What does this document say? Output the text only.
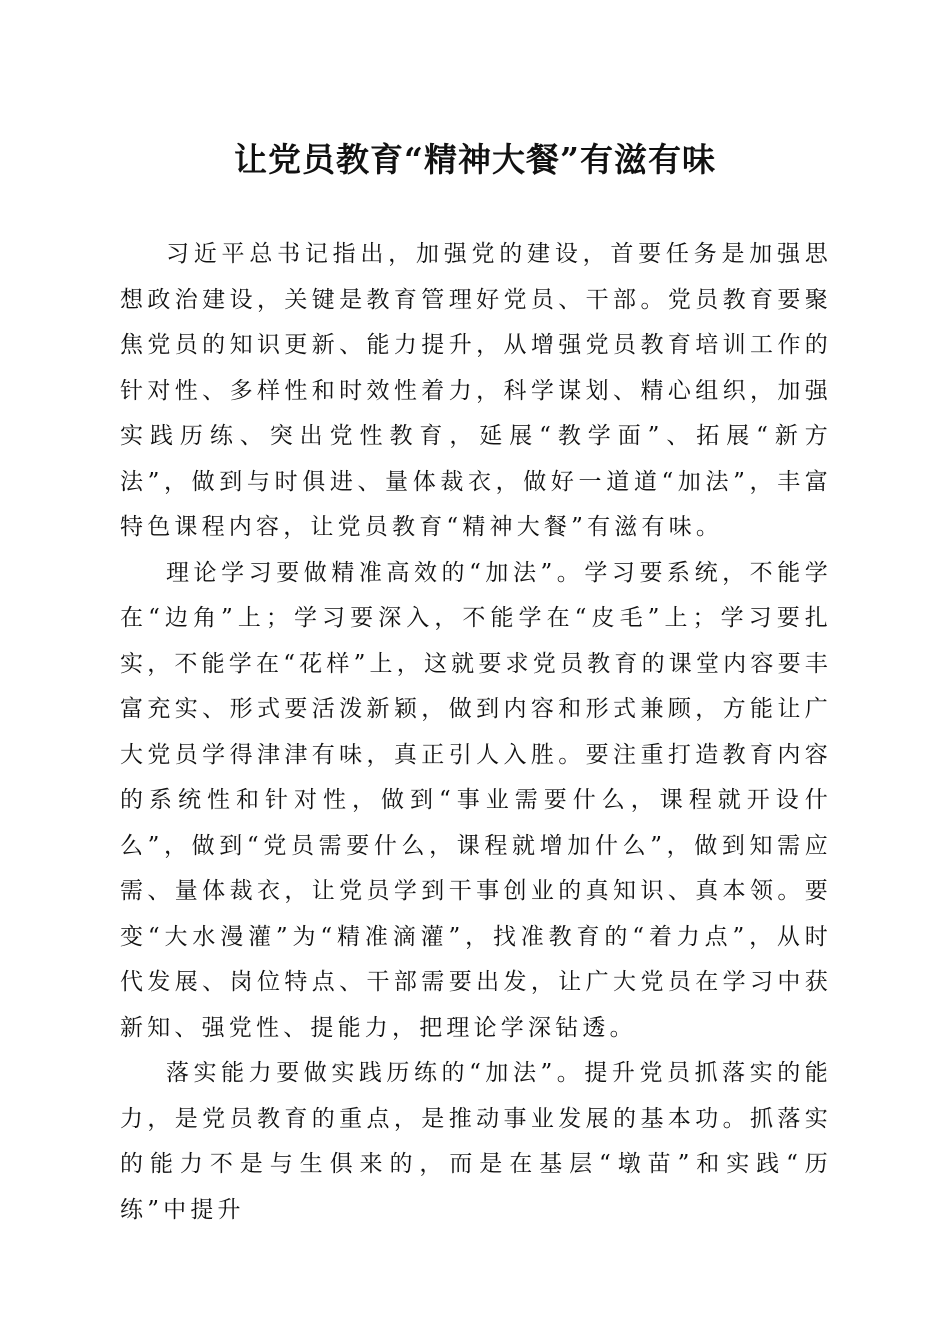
让党员教育“精神大餐”有滋有味

习近平总书记指出，加强党的建设，首要任务是加强思想政治建设，关键是教育管理好党员、干部。党员教育要聚焦党员的知识更新、能力提升，从增强党员教育培训工作的针对性、多样性和时效性着力，科学谋划、精心组织，加强实践历练、突出党性教育，延展“教学面”、拓展“新方法”，做到与时俱进、量体裁衣，做好一道道“加法”，丰富特色课程内容，让党员教育“精神大餐”有滋有味。

理论学习要做精准高效的“加法”。学习要系统，不能学在“边角”上；学习要深入，不能学在“皮毛”上；学习要扎实，不能学在“花样”上，这就要求党员教育的课堂内容要丰富充实、形式要活泼新颖，做到内容和形式兼顾，方能让广大党员学得津津有味，真正引人入胜。要注重打造教育内容的系统性和针对性，做到“事业需要什么，课程就开设什么”，做到“党员需要什么，课程就增加什么”，做到知需应需、量体裁衣，让党员学到干事创业的真知识、真本领。要变“大水漫灌”为“精准滴灌”，找准教育的“着力点”，从时代发展、岗位特点、干部需要出发，让广大党员在学习中获新知、强党性、提能力，把理论学深钻透。

落实能力要做实践历练的“加法”。提升党员抓落实的能力，是党员教育的重点，是推动事业发展的基本功。抓落实的能力不是与生俱来的，而是在基层“墩苗”和实践“历练”中提升
